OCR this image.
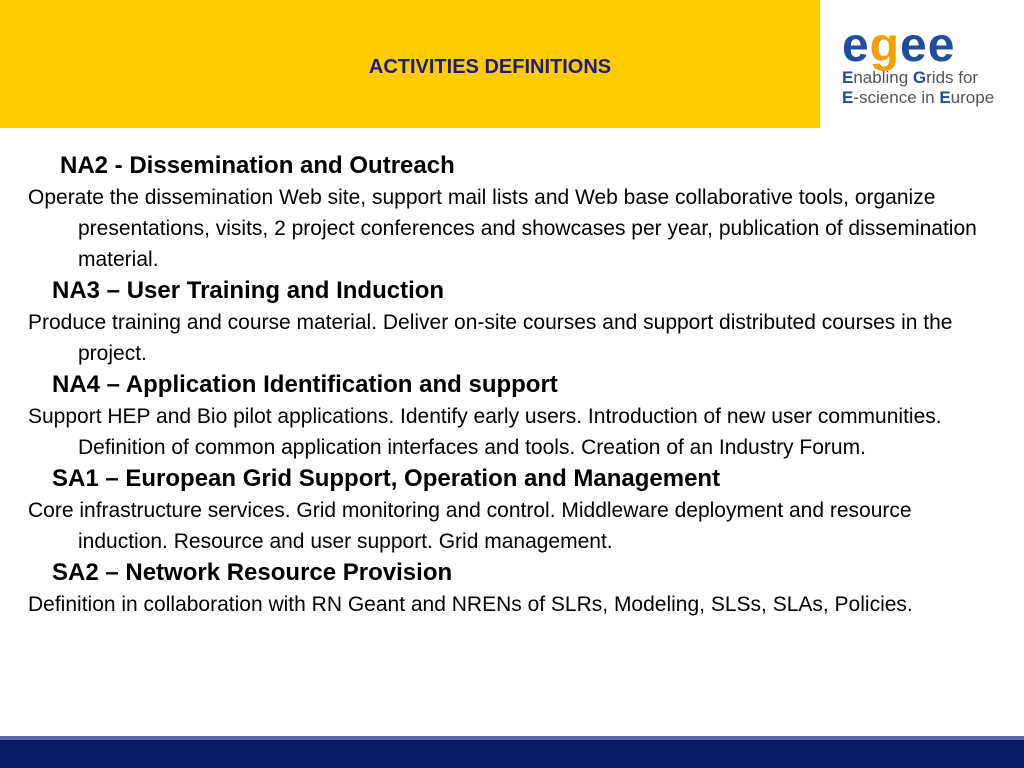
ACTIVITIES DEFINITIONS	egee
Enabling Grids for
E-science in Europe

NA2 - Dissemination and Outreach

Operate the dissemination Web site, support mail lists and Web base collaborative tools, organize presentations, visits, 2 project conferences and showcases per year, publication of dissemination material.

NA3 – User Training and Induction

Produce training and course material. Deliver on-site courses and support distributed courses in the project.

NA4 – Application Identification and support

Support HEP and Bio pilot applications. Identify early users. Introduction of new user communities. Definition of common application interfaces and tools. Creation of an Industry Forum.

SA1 – European Grid Support, Operation and Management

Core infrastructure services. Grid monitoring and control. Middleware deployment and resource induction. Resource and user support. Grid management.

SA2 – Network Resource Provision

Definition in collaboration with RN Geant and NRENs of SLRs, Modeling, SLSs, SLAs, Policies.
